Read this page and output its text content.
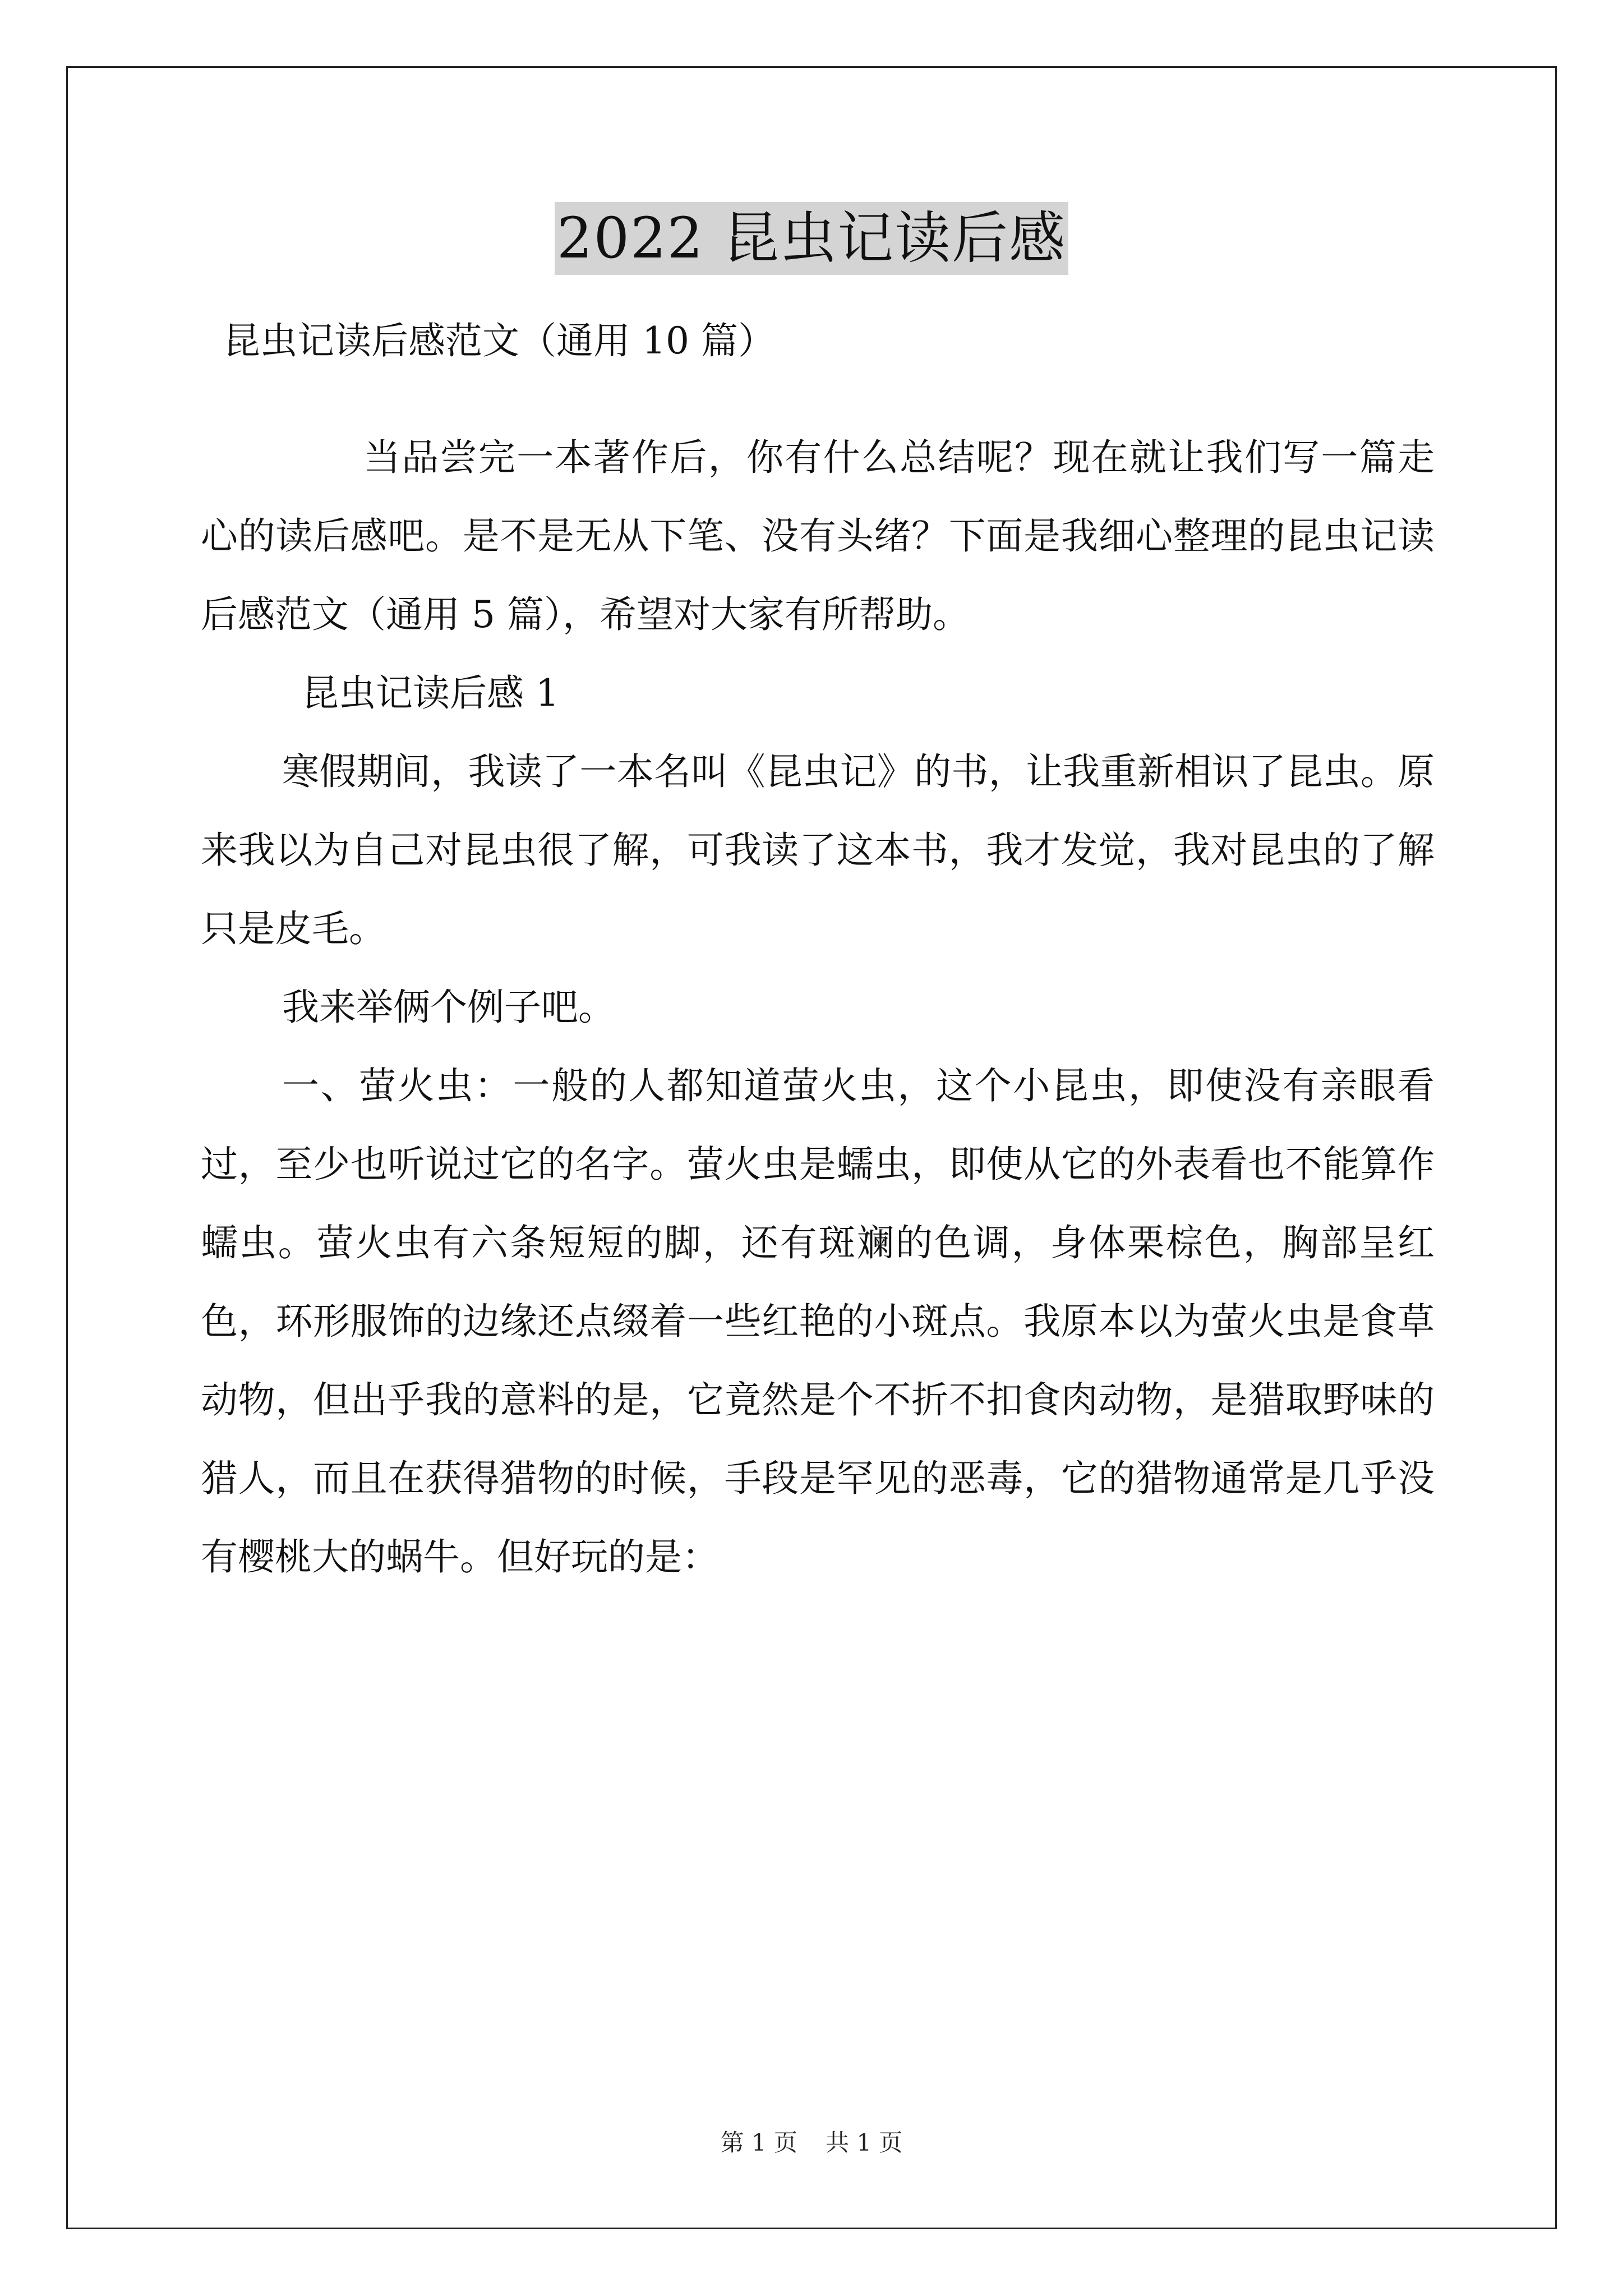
2022 昆虫记读后感
昆虫记读后感范文（通用 10 篇）

当品尝完一本著作后，你有什么总结呢？现在就让我们写一篇走心的读后感吧。是不是无从下笔、没有头绪？下面是我细心整理的昆虫记读后感范文（通用 5 篇），希望对大家有所帮助。

昆虫记读后感 1

寒假期间，我读了一本名叫《昆虫记》的书，让我重新相识了昆虫。原来我以为自己对昆虫很了解，可我读了这本书，我才发觉，我对昆虫的了解只是皮毛。

我来举俩个例子吧。

一、萤火虫：一般的人都知道萤火虫，这个小昆虫，即使没有亲眼看过，至少也听说过它的名字。萤火虫是蠕虫，即使从它的外表看也不能算作蠕虫。萤火虫有六条短短的脚，还有斑斓的色调，身体栗棕色，胸部呈红色，环形服饰的边缘还点缀着一些红艳的小斑点。我原本以为萤火虫是食草动物，但出乎我的意料的是，它竟然是个不折不扣食肉动物，是猎取野味的猎人，而且在获得猎物的时候，手段是罕见的恶毒，它的猎物通常是几乎没有樱桃大的蜗牛。但好玩的是：

第 1 页 共 1 页
